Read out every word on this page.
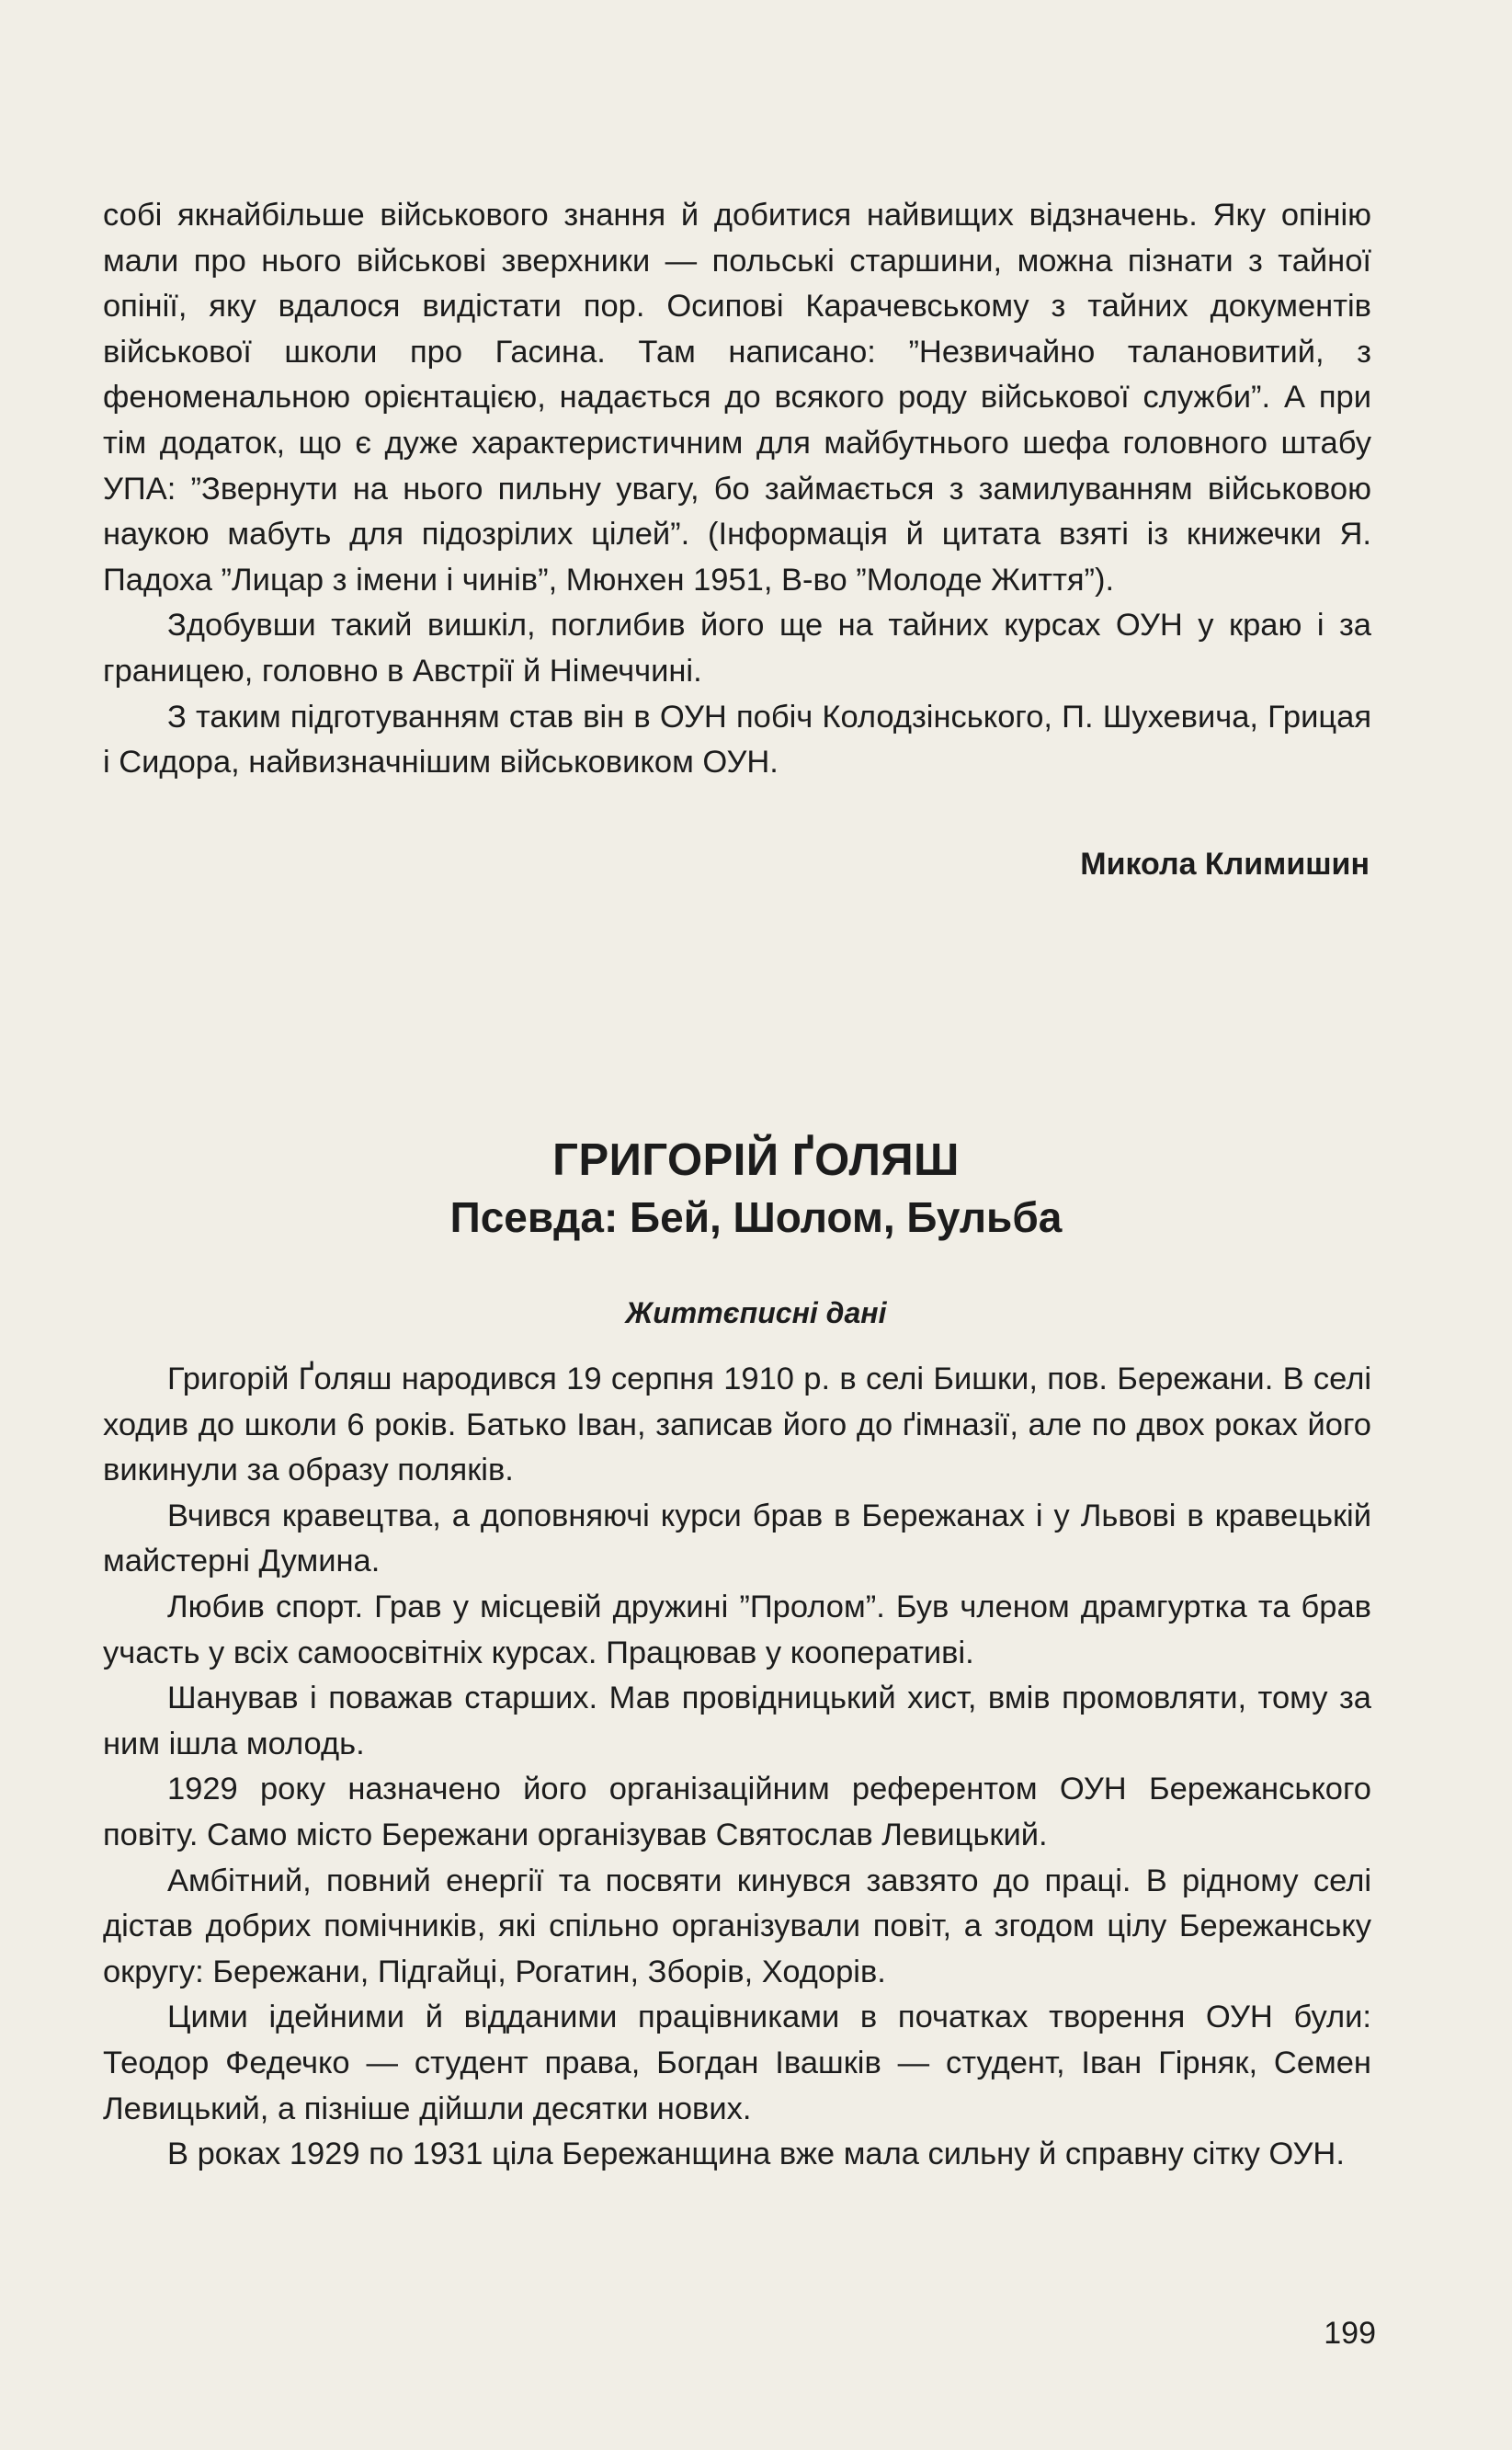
собі якнайбільше військового знання й добитися найвищих відзначень. Яку опінію мали про нього військові зверхники — польські старшини, можна пізнати з тайної опінії, яку вдалося видістати пор. Осипові Карачевському з тайних документів військової школи про Гасина. Там написано: ”Незвичайно талановитий, з феноменальною орієнтацією, надається до всякого роду військової служби”. А при тім додаток, що є дуже характеристичним для майбутнього шефа головного штабу УПА: ”Звернути на нього пильну увагу, бо займається з замилуванням військовою наукою мабуть для підозрілих цілей”. (Інформація й цитата взяті із книжечки Я. Падоха ”Лицар з імени і чинів”, Мюнхен 1951, В-во ”Молоде Життя”).

Здобувши такий вишкіл, поглибив його ще на тайних курсах ОУН у краю і за границею, головно в Австрії й Німеччині.

З таким підготуванням став він в ОУН побіч Колодзінського, П. Шухевича, Грицая і Сидора, найвизначнішим військовиком ОУН.

Микола Климишин
ГРИГОРІЙ ҐОЛЯШ
Псевда: Бей, Шолом, Бульба
Життєписні дані

Григорій Ґоляш народився 19 серпня 1910 р. в селі Бишки, пов. Бережани. В селі ходив до школи 6 років. Батько Іван, записав його до ґімназії, але по двох роках його викинули за образу поляків.

Вчився кравецтва, а доповняючі курси брав в Бережанах і у Львові в кравецькій майстерні Думина.

Любив спорт. Грав у місцевій дружині ”Пролом”. Був членом драмгуртка та брав участь у всіх самоосвітніх курсах. Працював у кооперативі.

Шанував і поважав старших. Мав провідницький хист, вмів промовляти, тому за ним ішла молодь.

1929 року назначено його організаційним референтом ОУН Бережанського повіту. Само місто Бережани організував Святослав Левицький.

Амбітний, повний енергії та посвяти кинувся завзято до праці. В рідному селі дістав добрих помічників, які спільно організували повіт, а згодом цілу Бережанську округу: Бережани, Підгайці, Рогатин, Зборів, Ходорів.

Цими ідейними й відданими працівниками в початках творення ОУН були: Теодор Федечко — студент права, Богдан Івашків — студент, Іван Гірняк, Семен Левицький, а пізніше дійшли десятки нових.

В роках 1929 по 1931 ціла Бережанщина вже мала сильну й справну сітку ОУН.

199
